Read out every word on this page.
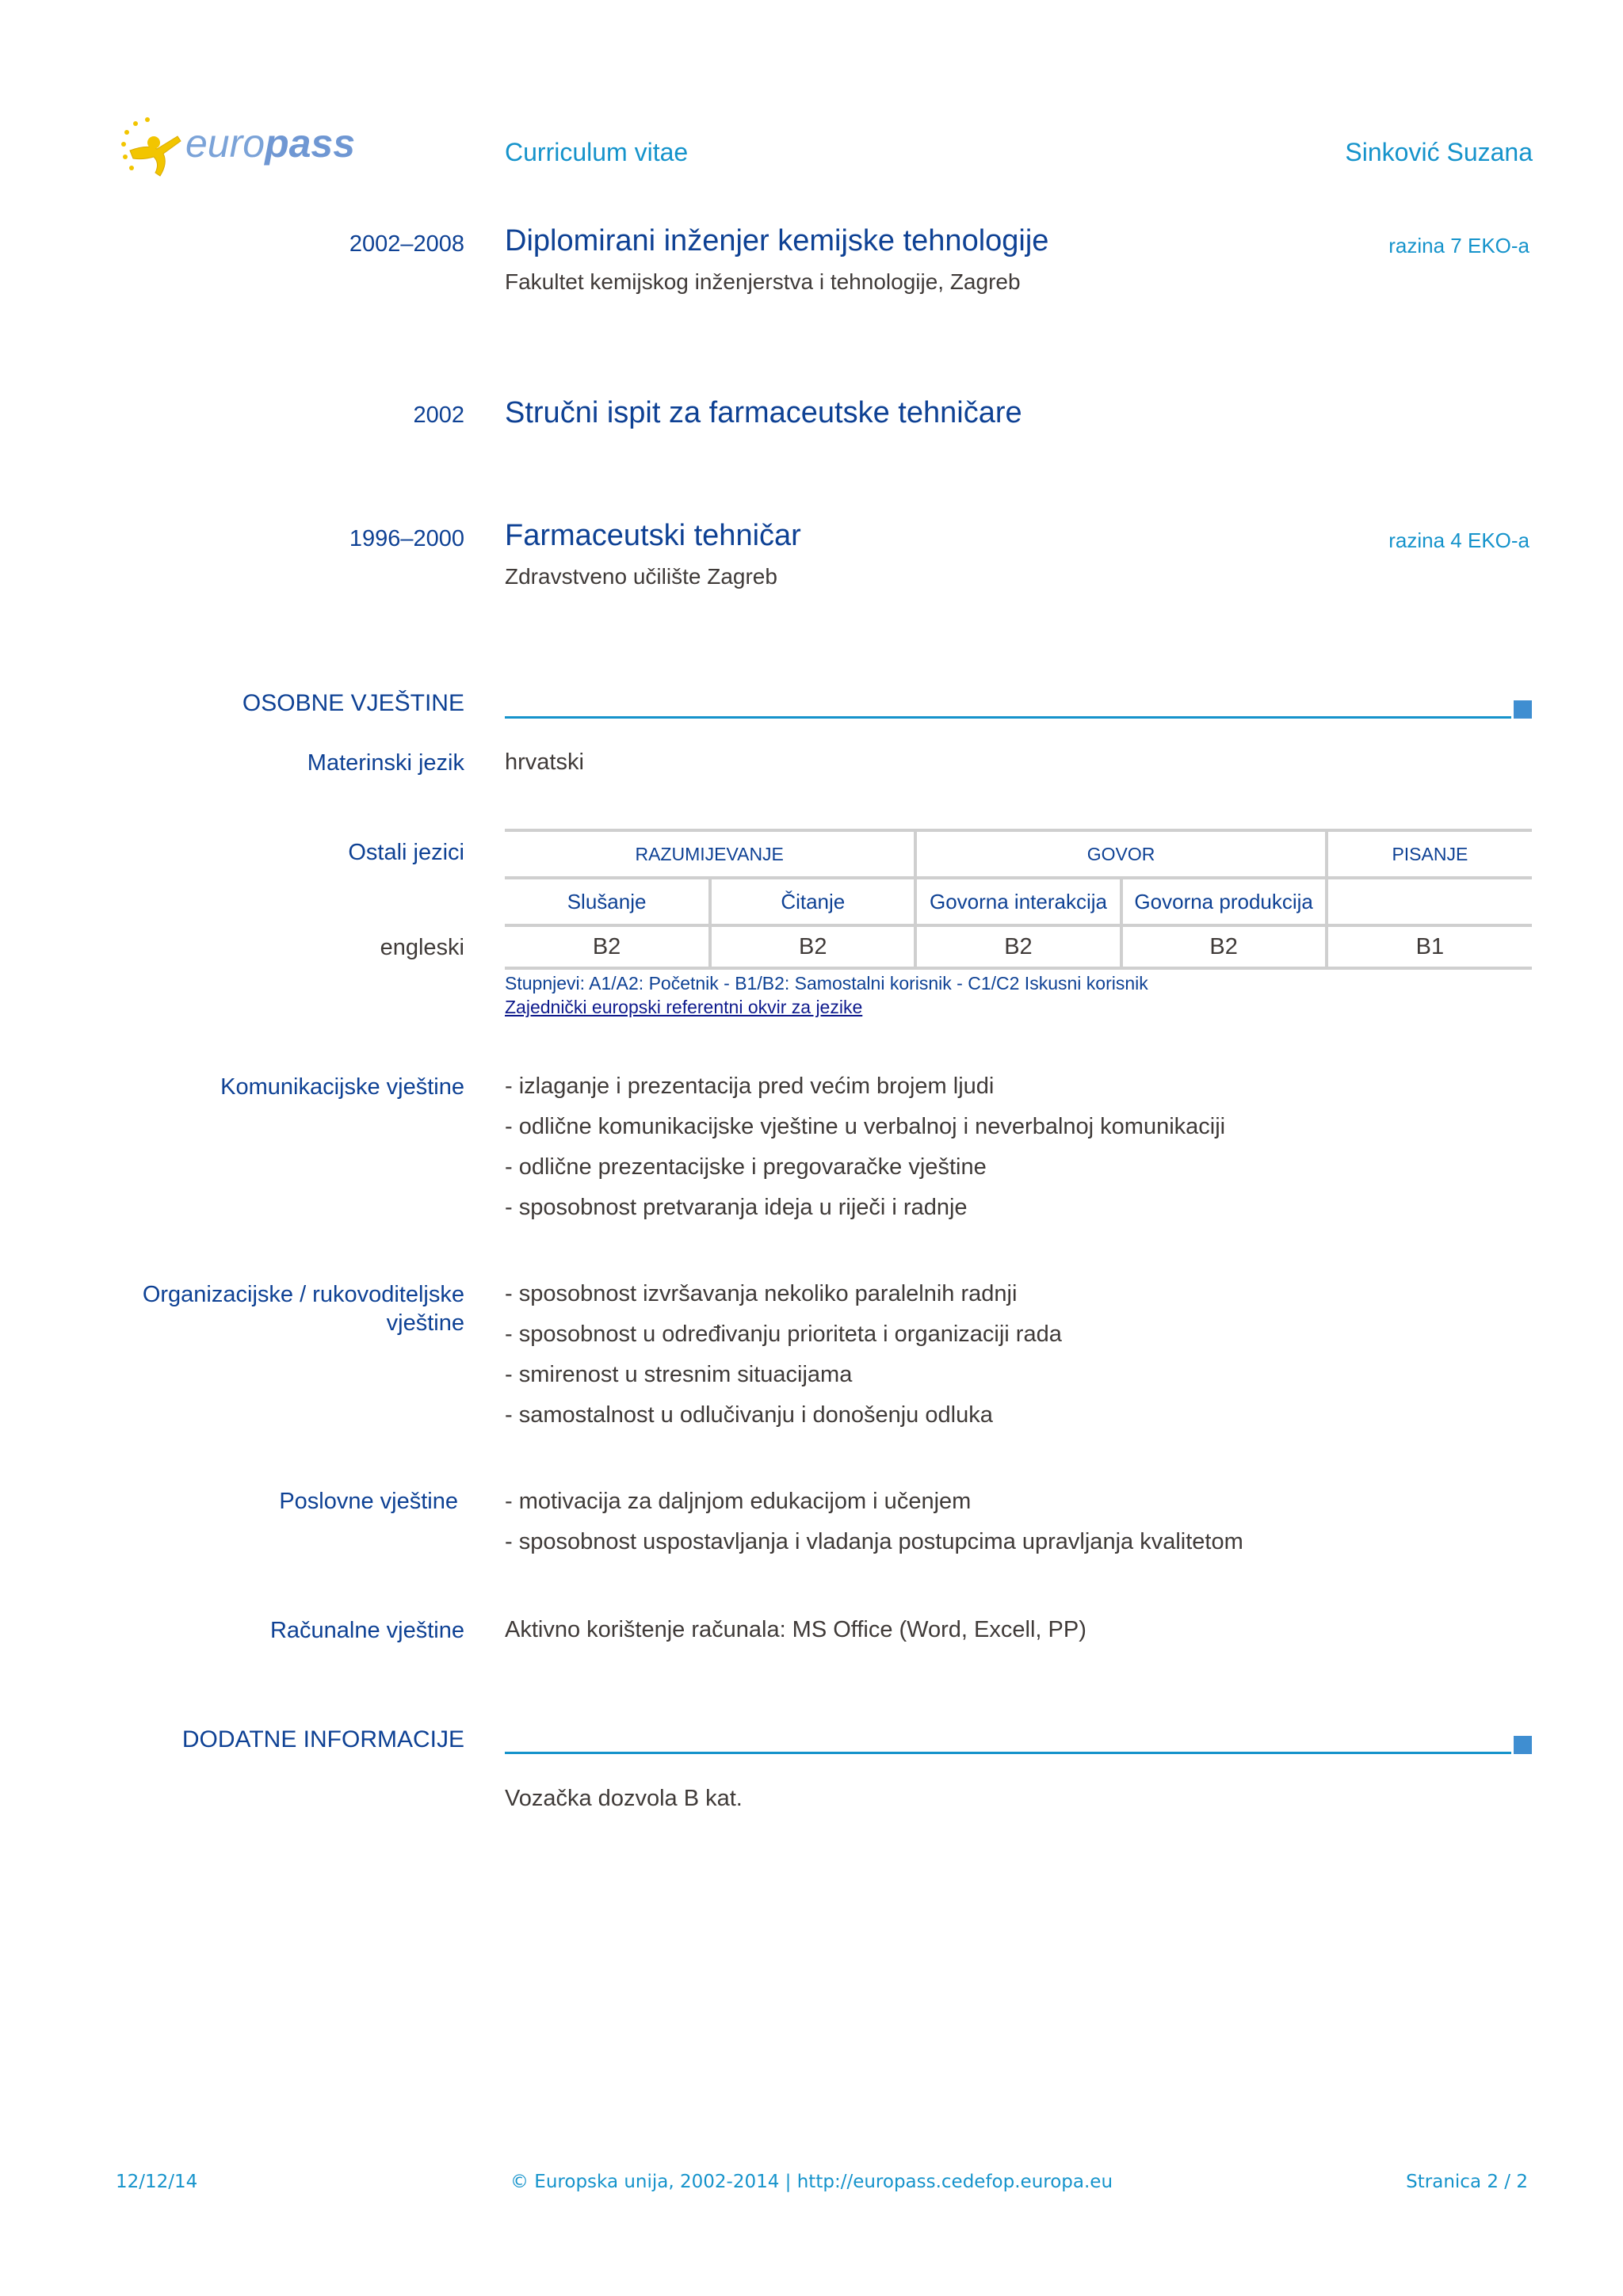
europass	Curriculum vitae	Sinković Suzana
2002–2008 Diplomirani inženjer kemijske tehnologije	razina 7 EKO-a
Fakultet kemijskog inženjerstva i tehnologije, Zagreb
2002 Stručni ispit za farmaceutske tehničare
1996–2000 Farmaceutski tehničar	razina 4 EKO-a
Zdravstveno učilište Zagreb
OSOBNE VJEŠTINE
Materinski jezik hrvatski
Ostali jezici
engleski
RAZUMIJEVANJE		GOVOR		PISANJE
Slušanje	Čitanje	Govorna interakcija	Govorna produkcija	
B2	B2	B2	B2	B1
Stupnjevi: A1/A2: Početnik - B1/B2: Samostalni korisnik - C1/C2 Iskusni korisnik
Zajednički europski referentni okvir za jezike
Komunikacijske vještine - izlaganje i prezentacija pred većim brojem ljudi
- odlične komunikacijske vještine u verbalnoj i neverbalnoj komunikaciji
- odlične prezentacijske i pregovaračke vještine
- sposobnost pretvaranja ideja u riječi i radnje
Organizacijske / rukovoditeljske
vještine
- sposobnost izvršavanja nekoliko paralelnih radnji
- sposobnost u određivanju prioriteta i organizaciji rada
- smirenost u stresnim situacijama
- samostalnost u odlučivanju i donošenju odluka
Poslovne vještine - motivacija za daljnjom edukacijom i učenjem
- sposobnost uspostavljanja i vladanja postupcima upravljanja kvalitetom
Računalne vještine Aktivno korištenje računala: MS Office (Word, Excell, PP)
DODATNE INFORMACIJE
Vozačka dozvola B kat.
12/12/14	© Europska unija, 2002-2014 | http://europass.cedefop.europa.eu	Stranica 2 / 2
